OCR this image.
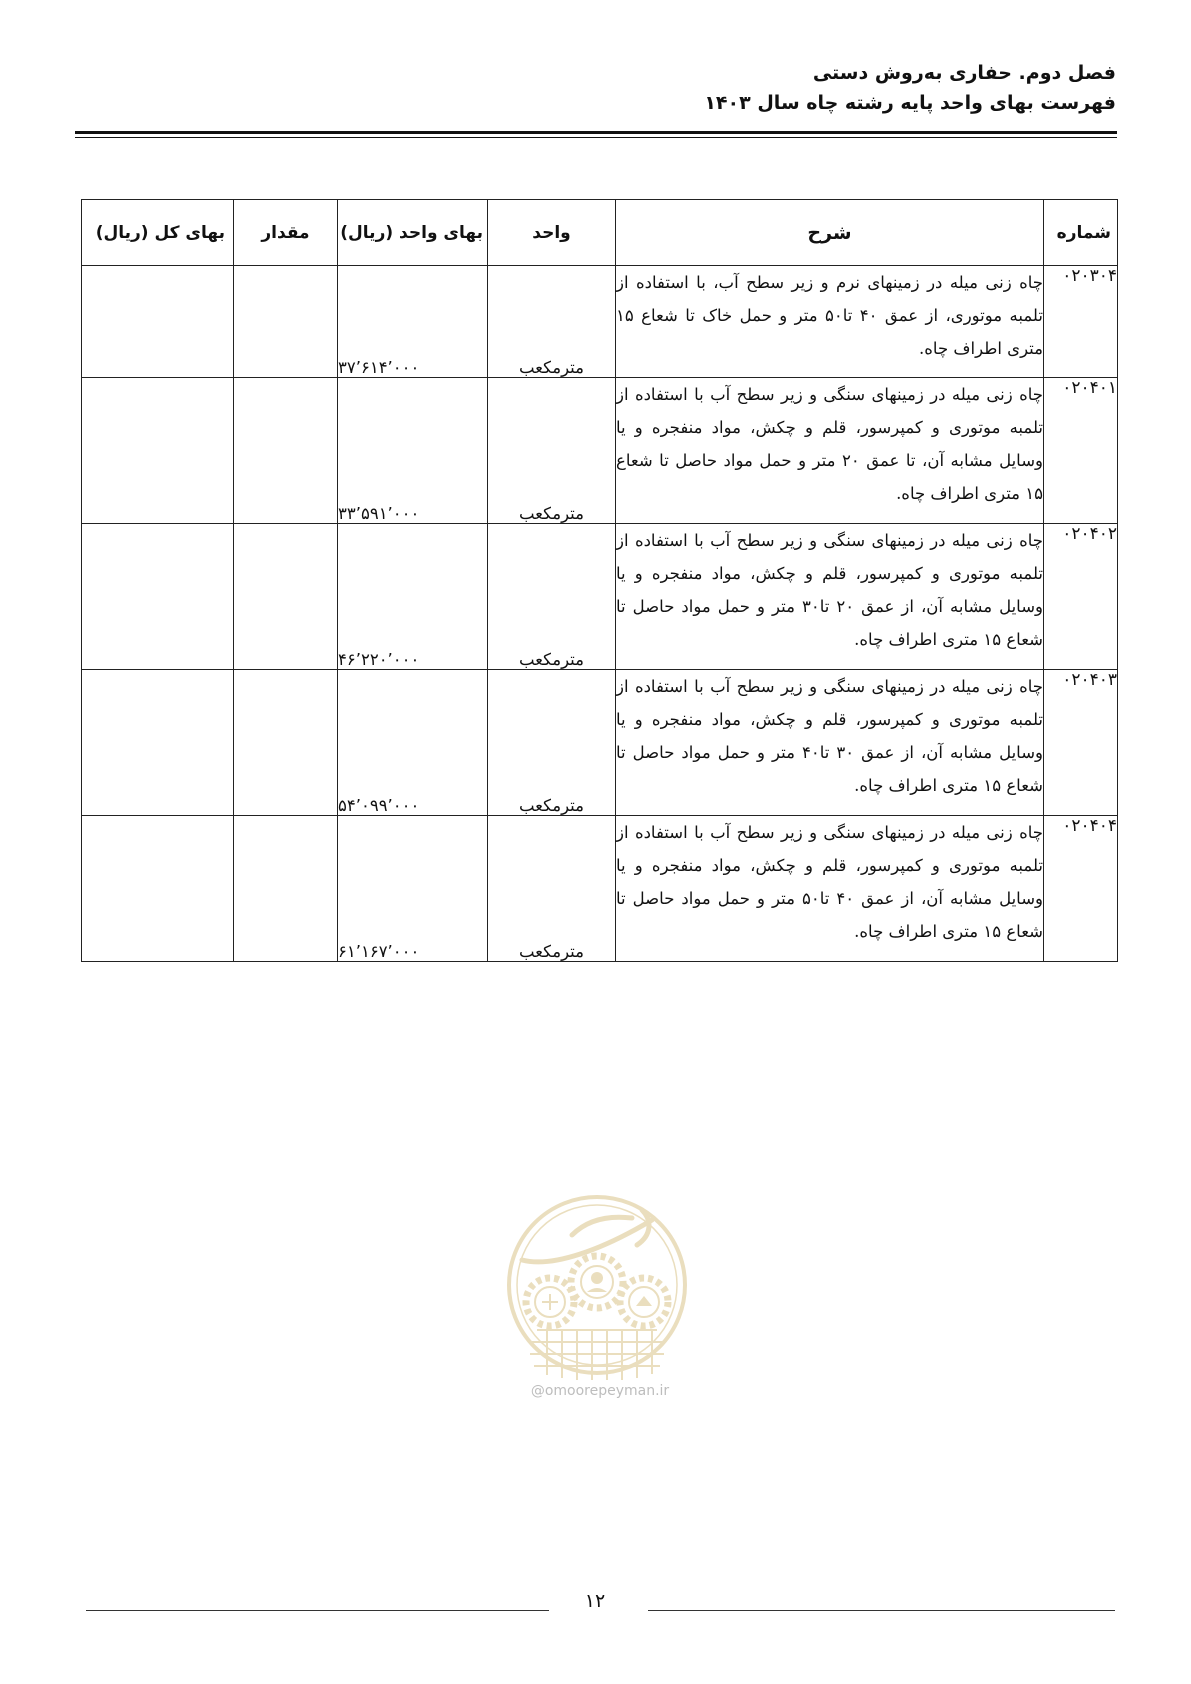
فصل دوم. حفاری به‌روش دستی
فهرست بهای واحد پایه رشته چاه سال ۱۴۰۳
شماره	شرح	واحد	بهای واحد (ریال)	مقدار	بهای کل (ریال)
۰۲۰۳۰۴	چاه زنی میله در زمینهای نرم و زیر سطح آب، با استفاده از تلمبه موتوری، از عمق ۴۰ تا۵۰ متر و حمل خاک تا شعاع ۱۵ متری اطراف چاه.	مترمکعب	۳۷٬۶۱۴٬۰۰۰		
۰۲۰۴۰۱	چاه زنی میله در زمینهای سنگی و زیر سطح آب با استفاده از تلمبه موتوری و کمپرسور، قلم و چکش، مواد منفجره و یا وسایل مشابه آن، تا عمق ۲۰ متر و حمل مواد حاصل تا شعاع ۱۵ متری اطراف چاه.	مترمکعب	۳۳٬۵۹۱٬۰۰۰		
۰۲۰۴۰۲	چاه زنی میله در زمینهای سنگی و زیر سطح آب با استفاده از تلمبه موتوری و کمپرسور، قلم و چکش، مواد منفجره و یا وسایل مشابه آن، از عمق ۲۰ تا۳۰ متر و حمل مواد حاصل تا شعاع ۱۵ متری اطراف چاه.	مترمکعب	۴۶٬۲۲۰٬۰۰۰		
۰۲۰۴۰۳	چاه زنی میله در زمینهای سنگی و زیر سطح آب با استفاده از تلمبه موتوری و کمپرسور، قلم و چکش، مواد منفجره و یا وسایل مشابه آن، از عمق ۳۰ تا۴۰ متر و حمل مواد حاصل تا شعاع ۱۵ متری اطراف چاه.	مترمکعب	۵۴٬۰۹۹٬۰۰۰		
۰۲۰۴۰۴	چاه زنی میله در زمینهای سنگی و زیر سطح آب با استفاده از تلمبه موتوری و کمپرسور، قلم و چکش، مواد منفجره و یا وسایل مشابه آن، از عمق ۴۰ تا۵۰ متر و حمل مواد حاصل تا شعاع ۱۵ متری اطراف چاه.	مترمکعب	۶۱٬۱۶۷٬۰۰۰		
@omoorepeyman.ir
۱۲
